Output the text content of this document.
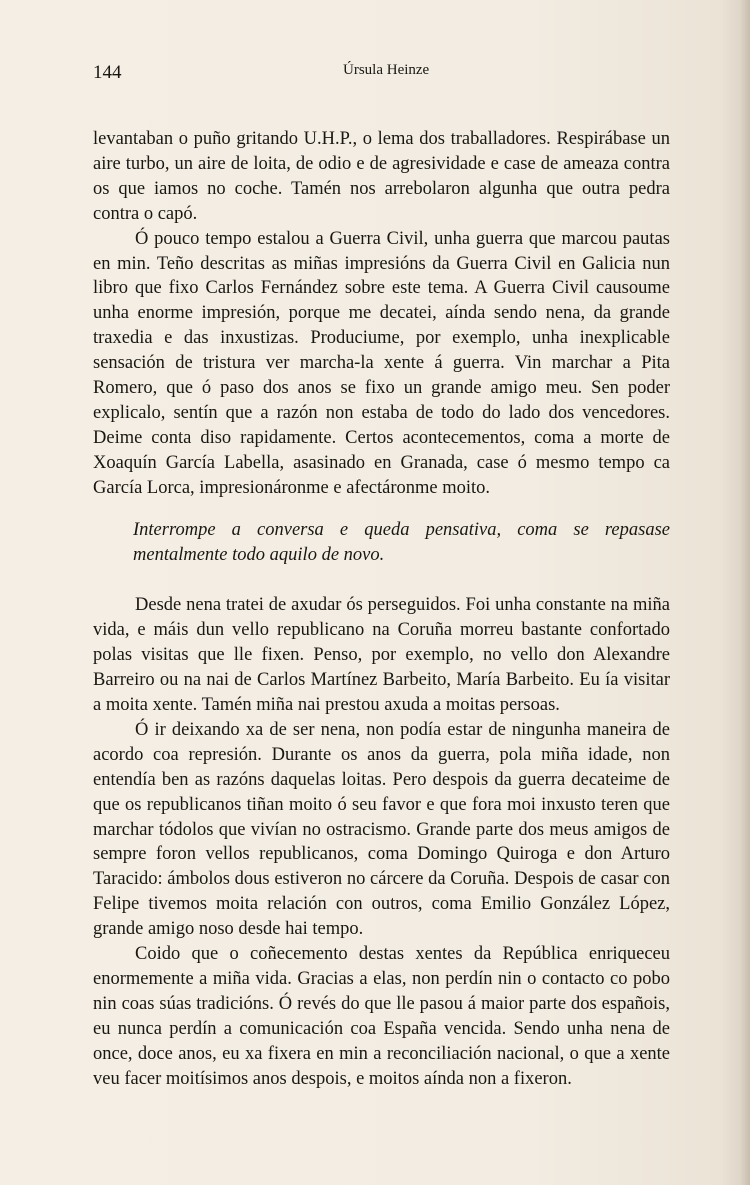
144	Úrsula Heinze

levantaban o puño gritando U.H.P., o lema dos traballadores. Respirábase un aire turbo, un aire de loita, de odio e de agresividade e case de ameaza contra os que iamos no coche. Tamén nos arrebolaron algunha que outra pedra contra o capó.

Ó pouco tempo estalou a Guerra Civil, unha guerra que marcou pautas en min. Teño descritas as miñas impresións da Guerra Civil en Galicia nun libro que fixo Carlos Fernández sobre este tema. A Guerra Civil causoume unha enorme impresión, porque me decatei, aínda sendo nena, da grande traxedia e das inxustizas. Produciume, por exemplo, unha inexplicable sensación de tristura ver marcha-la xente á guerra. Vin marchar a Pita Romero, que ó paso dos anos se fixo un grande amigo meu. Sen poder explicalo, sentín que a razón non estaba de todo do lado dos vencedores. Deime conta diso rapidamente. Certos acontecementos, coma a morte de Xoaquín García Labella, asasinado en Granada, case ó mesmo tempo ca García Lorca, impresionáronme e afectáronme moito.

Interrompe a conversa e queda pensativa, coma se repasase mentalmente todo aquilo de novo.

Desde nena tratei de axudar ós perseguidos. Foi unha constante na miña vida, e máis dun vello republicano na Coruña morreu bastante confortado polas visitas que lle fixen. Penso, por exemplo, no vello don Alexandre Barreiro ou na nai de Carlos Martínez Barbeito, María Barbeito. Eu ía visitar a moita xente. Tamén miña nai prestou axuda a moitas persoas.

Ó ir deixando xa de ser nena, non podía estar de ningunha maneira de acordo coa represión. Durante os anos da guerra, pola miña idade, non entendía ben as razóns daquelas loitas. Pero despois da guerra decateime de que os republicanos tiñan moito ó seu favor e que fora moi inxusto teren que marchar tódolos que vivían no ostracismo. Grande parte dos meus amigos de sempre foron vellos republicanos, coma Domingo Quiroga e don Arturo Taracido: ámbolos dous estiveron no cárcere da Coruña. Despois de casar con Felipe tivemos moita relación con outros, coma Emilio González López, grande amigo noso desde hai tempo.

Coido que o coñecemento destas xentes da República enriqueceu enormemente a miña vida. Gracias a elas, non perdín nin o contacto co pobo nin coas súas tradicións. Ó revés do que lle pasou á maior parte dos españois, eu nunca perdín a comunicación coa España vencida. Sendo unha nena de once, doce anos, eu xa fixera en min a reconciliación nacional, o que a xente veu facer moitísimos anos despois, e moitos aínda non a fixeron.
